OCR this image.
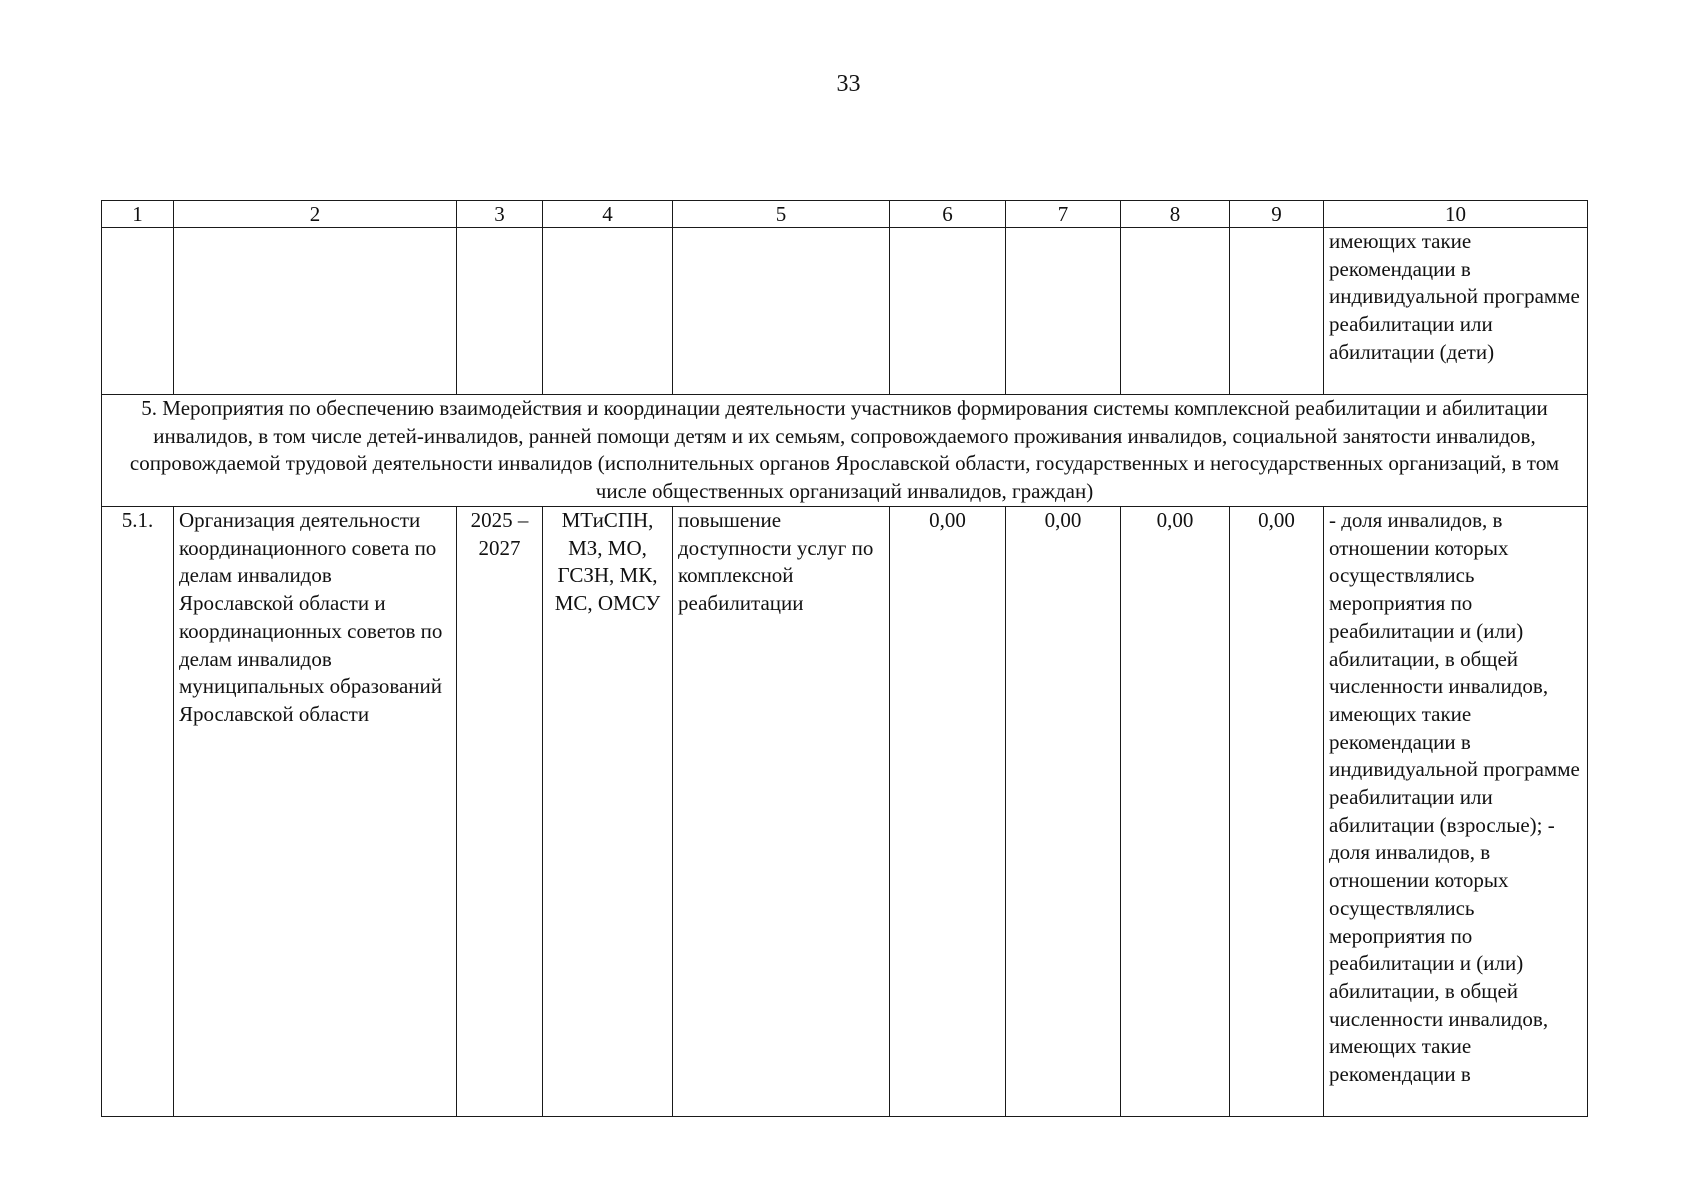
33
1	2	3	4	5	6	7	8	9	10
									имеющих такие рекомендации в индивидуальной программе реабилитации или абилитации (дети)
5. Мероприятия по обеспечению взаимодействия и координации деятельности участников формирования системы комплексной реабилитации и абилитации инвалидов, в том числе детей-инвалидов, ранней помощи детям и их семьям, сопровождаемого проживания инвалидов, социальной занятости инвалидов, сопровождаемой трудовой деятельности инвалидов (исполнительных органов Ярославской области, государственных и негосударственных организаций, в том числе общественных организаций инвалидов, граждан)									
5.1.	Организация деятельности координационного совета по делам инвалидов Ярославской области и координационных советов по делам инвалидов муниципальных образований Ярославской области	2025 – 2027	МТиСПН, МЗ, МО, ГСЗН, МК, МС, ОМСУ	повышение доступности услуг по комплексной реабилитации	0,00	0,00	0,00	0,00	- доля инвалидов, в отношении которых осуществлялись мероприятия по реабилитации и (или) абилитации, в общей численности инвалидов, имеющих такие рекомендации в индивидуальной программе реабилитации или абилитации (взрослые); - доля инвалидов, в отношении которых осуществлялись мероприятия по реабилитации и (или) абилитации, в общей численности инвалидов, имеющих такие рекомендации в
